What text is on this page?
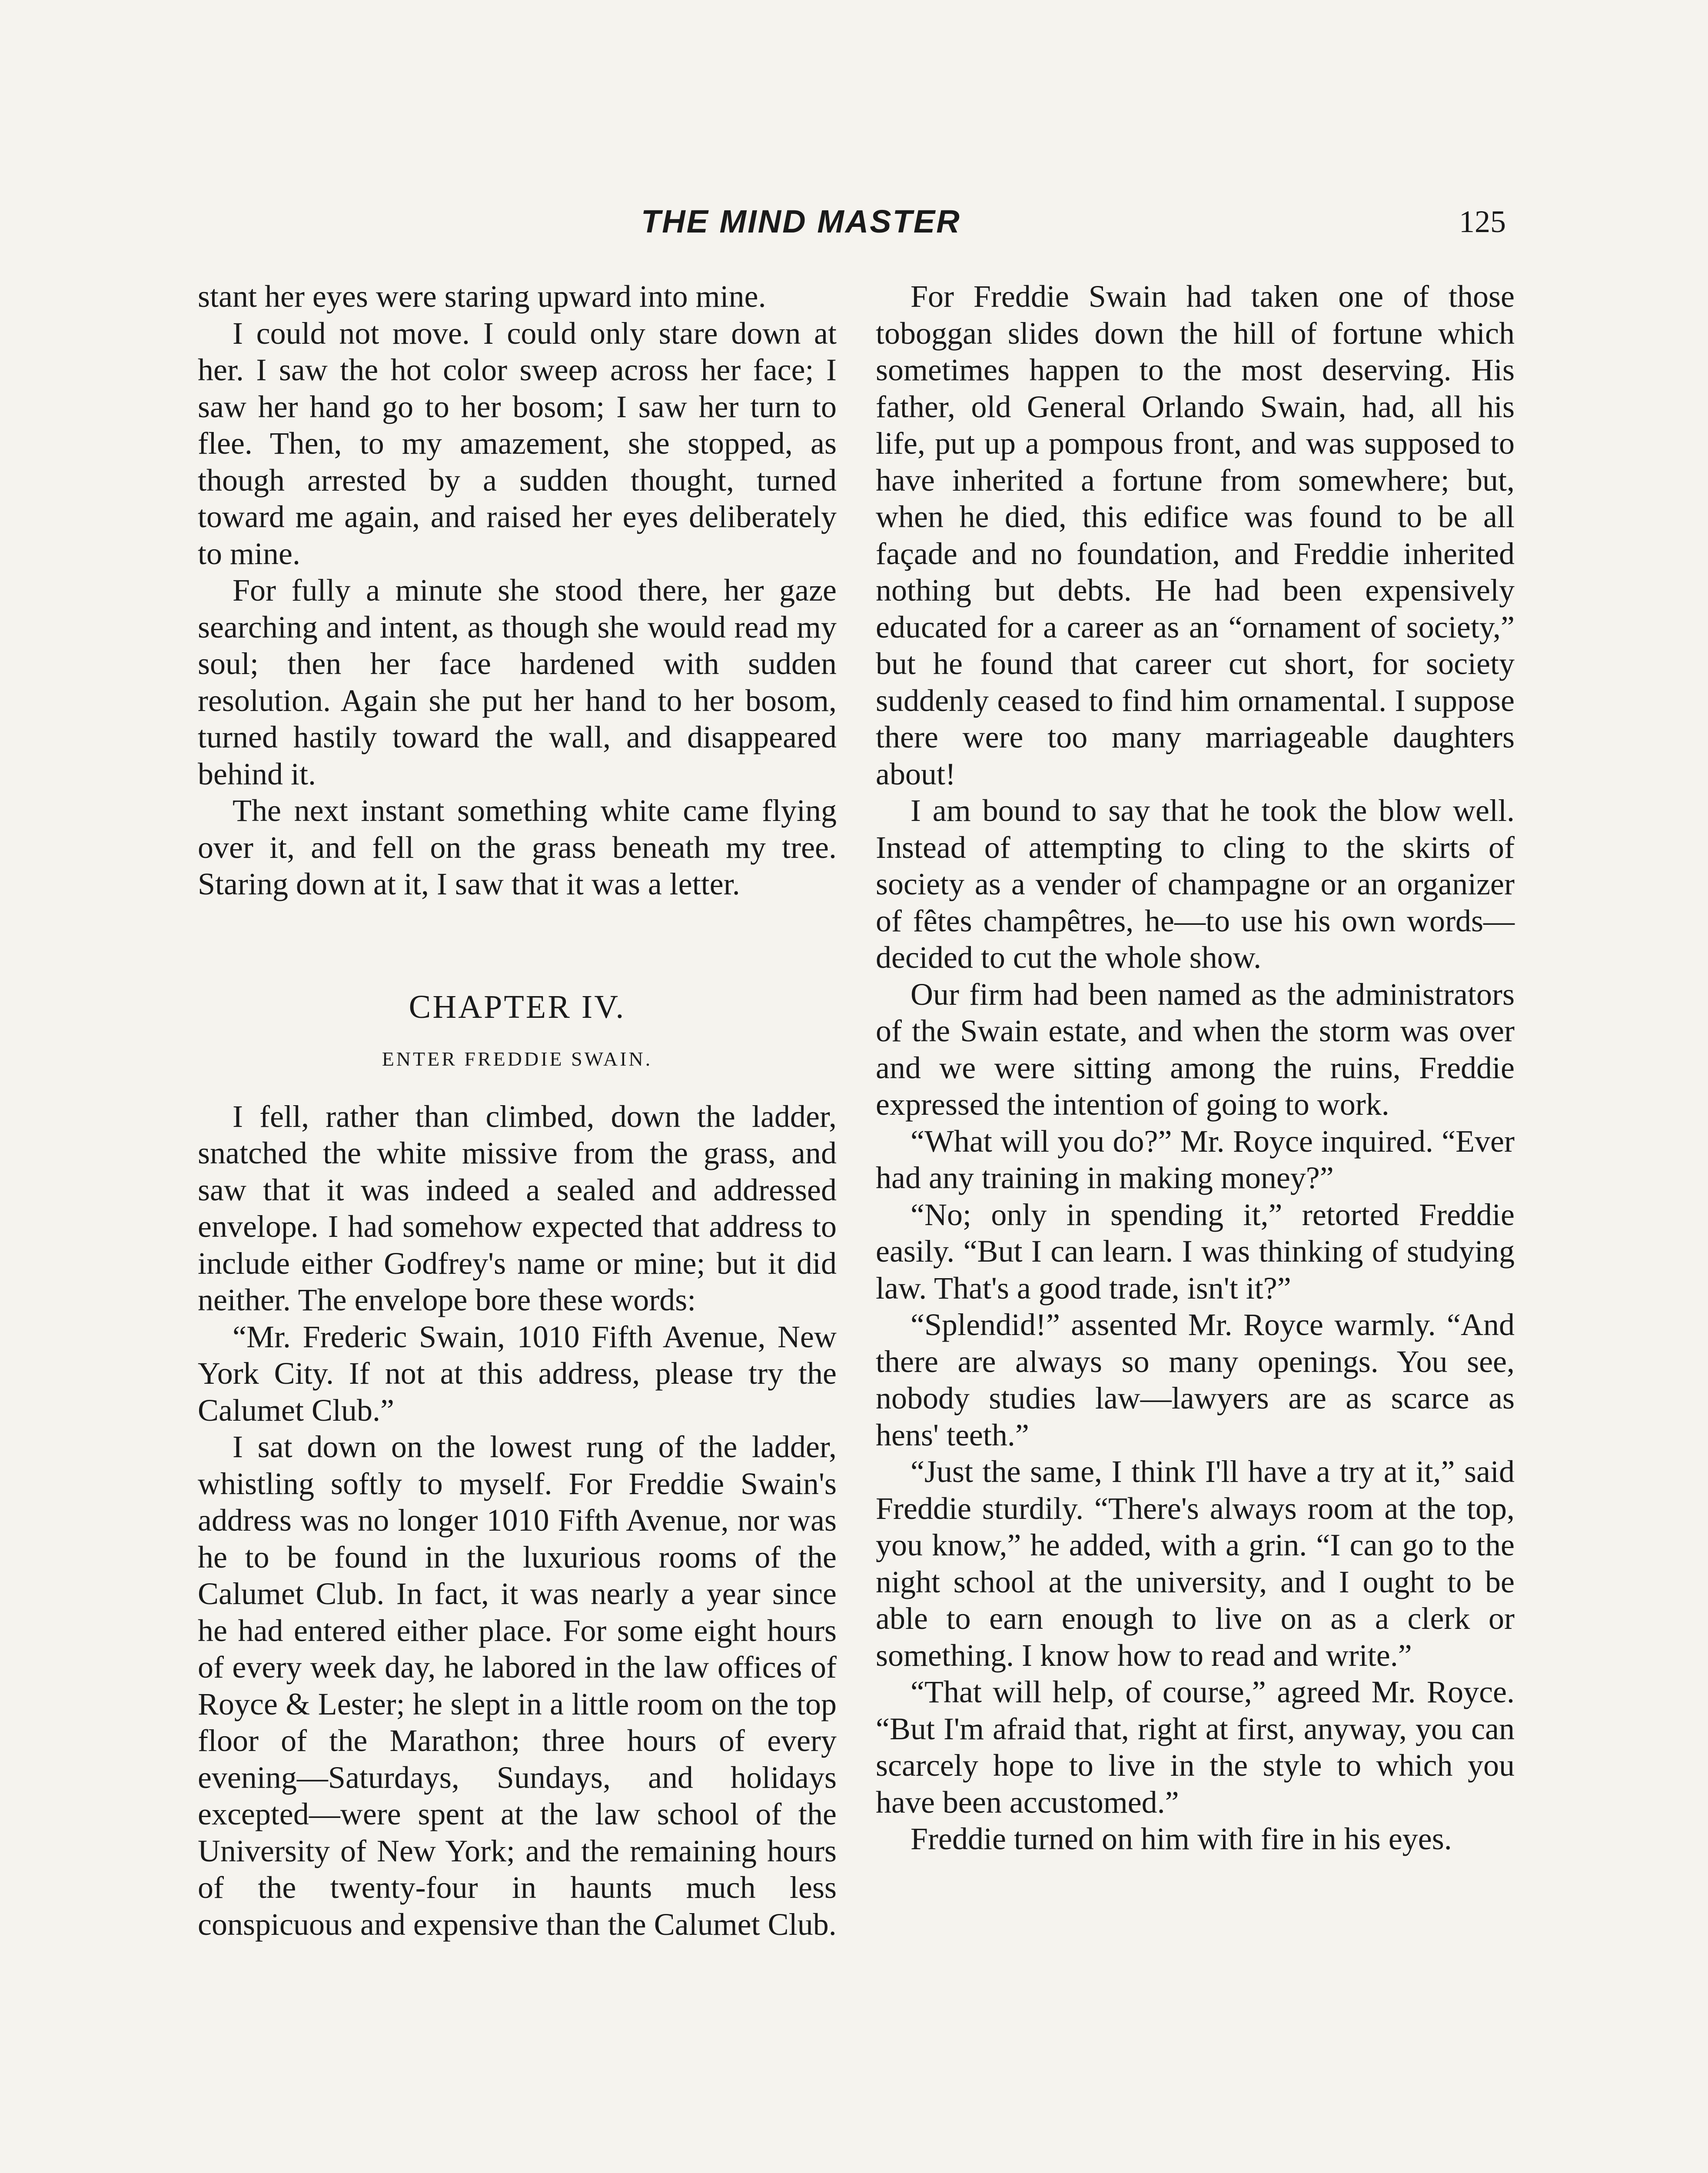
THE MIND MASTER	125

stant her eyes were staring upward into mine.

I could not move. I could only stare down at her. I saw the hot color sweep across her face; I saw her hand go to her bosom; I saw her turn to flee. Then, to my amazement, she stopped, as though arrested by a sudden thought, turned toward me again, and raised her eyes deliberately to mine.

For fully a minute she stood there, her gaze searching and intent, as though she would read my soul; then her face hardened with sudden resolution. Again she put her hand to her bosom, turned hastily toward the wall, and disappeared behind it.

The next instant something white came flying over it, and fell on the grass beneath my tree. Staring down at it, I saw that it was a letter.

CHAPTER IV.
ENTER FREDDIE SWAIN.

I fell, rather than climbed, down the ladder, snatched the white missive from the grass, and saw that it was indeed a sealed and addressed envelope. I had somehow expected that address to include either Godfrey's name or mine; but it did neither. The envelope bore these words:

“Mr. Frederic Swain, 1010 Fifth Avenue, New York City. If not at this address, please try the Calumet Club.”

I sat down on the lowest rung of the ladder, whistling softly to myself. For Freddie Swain's address was no longer 1010 Fifth Avenue, nor was he to be found in the luxurious rooms of the Calumet Club. In fact, it was nearly a year since he had entered either place. For some eight hours of every week day, he labored in the law offices of Royce & Lester; he slept in a little room on the top floor of the Marathon; three hours of every evening—Saturdays, Sundays, and holidays excepted—were spent at the law school of the University of New York; and the remaining hours of the twenty-four in haunts much less conspicuous and expensive than the Calumet Club.

For Freddie Swain had taken one of those toboggan slides down the hill of fortune which sometimes happen to the most deserving. His father, old General Orlando Swain, had, all his life, put up a pompous front, and was supposed to have inherited a fortune from somewhere; but, when he died, this edifice was found to be all façade and no foundation, and Freddie inherited nothing but debts. He had been expensively educated for a career as an “ornament of society,” but he found that career cut short, for society suddenly ceased to find him ornamental. I suppose there were too many marriageable daughters about!

I am bound to say that he took the blow well. Instead of attempting to cling to the skirts of society as a vender of champagne or an organizer of fêtes champêtres, he—to use his own words—decided to cut the whole show.

Our firm had been named as the administrators of the Swain estate, and when the storm was over and we were sitting among the ruins, Freddie expressed the intention of going to work.

“What will you do?” Mr. Royce inquired. “Ever had any training in making money?”

“No; only in spending it,” retorted Freddie easily. “But I can learn. I was thinking of studying law. That's a good trade, isn't it?”

“Splendid!” assented Mr. Royce warmly. “And there are always so many openings. You see, nobody studies law—lawyers are as scarce as hens' teeth.”

“Just the same, I think I'll have a try at it,” said Freddie sturdily. “There's always room at the top, you know,” he added, with a grin. “I can go to the night school at the university, and I ought to be able to earn enough to live on as a clerk or something. I know how to read and write.”

“That will help, of course,” agreed Mr. Royce. “But I'm afraid that, right at first, anyway, you can scarcely hope to live in the style to which you have been accustomed.”

Freddie turned on him with fire in his eyes.
